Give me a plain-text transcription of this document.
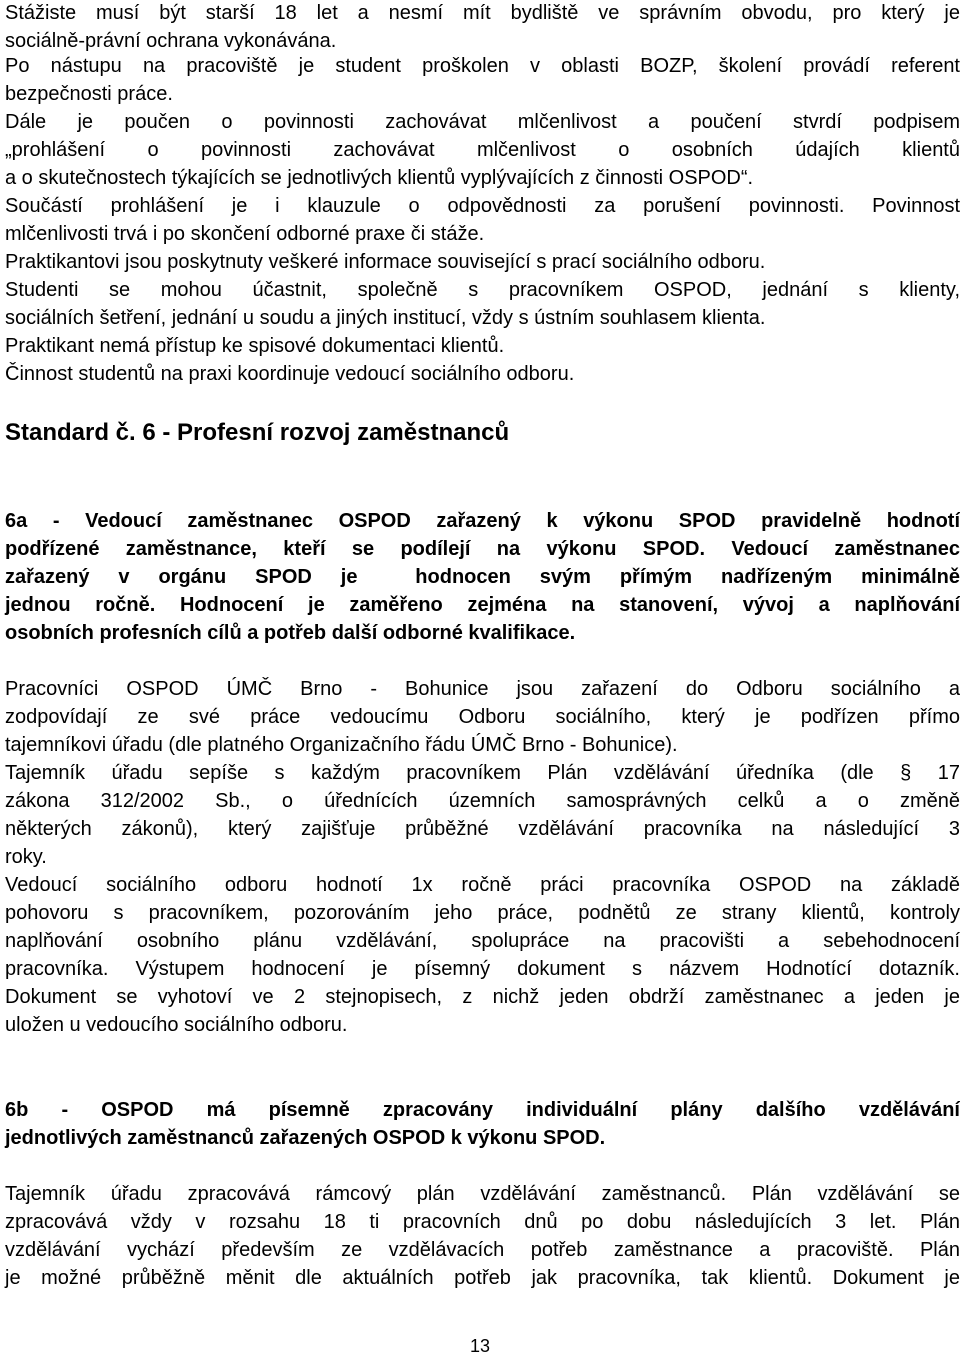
Stážiste musí být starší 18 let a nesmí mít bydliště ve správním obvodu, pro který je
sociálně-právní ochrana vykonávána.
Po nástupu na pracoviště je student proškolen v oblasti BOZP, školení provádí referent
bezpečnosti práce.
Dále je poučen o povinnosti zachovávat mlčenlivost a poučení stvrdí podpisem
„prohlášení o povinnosti zachovávat mlčenlivost o osobních údajích klientů
a o skutečnostech týkajících se jednotlivých klientů vyplývajících z činnosti OSPOD“.
Součástí prohlášení je i klauzule o odpovědnosti za porušení povinnosti. Povinnost
mlčenlivosti trvá i po skončení odborné praxe či stáže.
Praktikantovi jsou poskytnuty veškeré informace související s prací sociálního odboru.
Studenti se mohou účastnit, společně s pracovníkem OSPOD, jednání s klienty,
sociálních šetření, jednání u soudu a jiných institucí, vždy s ústním souhlasem klienta.
Praktikant nemá přístup ke spisové dokumentaci klientů.
Činnost studentů na praxi koordinuje vedoucí sociálního odboru.
Standard č. 6 - Profesní rozvoj zaměstnanců
6a - Vedoucí zaměstnanec OSPOD zařazený k výkonu SPOD pravidelně hodnotí
podřízené zaměstnance, kteří se podílejí na výkonu SPOD. Vedoucí zaměstnanec
zařazený v orgánu SPOD je  hodnocen svým přímým nadřízeným minimálně
jednou ročně. Hodnocení je zaměřeno zejména na stanovení, vývoj a naplňování
osobních profesních cílů a potřeb další odborné kvalifikace.
Pracovníci OSPOD ÚMČ Brno - Bohunice jsou zařazení do Odboru sociálního a
zodpovídají ze své práce vedoucímu Odboru sociálního, který je podřízen přímo
tajemníkovi úřadu (dle platného Organizačního řádu ÚMČ Brno - Bohunice).
Tajemník úřadu sepíše s každým pracovníkem Plán vzdělávání úředníka (dle § 17
zákona 312/2002 Sb., o úřednících územních samosprávných celků a o změně
některých zákonů), který zajišťuje průběžné vzdělávání pracovníka na následující 3
roky.
Vedoucí sociálního odboru hodnotí 1x ročně práci pracovníka OSPOD na základě
pohovoru s pracovníkem, pozorováním jeho práce, podnětů ze strany klientů, kontroly
naplňování osobního plánu vzdělávání, spolupráce na pracovišti a sebehodnocení
pracovníka. Výstupem hodnocení je písemný dokument s názvem Hodnotící dotazník.
Dokument se vyhotoví ve 2 stejnopisech, z nichž jeden obdrží zaměstnanec a jeden je
uložen u vedoucího sociálního odboru.
6b - OSPOD má písemně zpracovány individuální plány dalšího vzdělávání
jednotlivých zaměstnanců zařazených OSPOD k výkonu SPOD.
Tajemník úřadu zpracovává rámcový plán vzdělávání zaměstnanců. Plán vzdělávání se
zpracovává vždy v rozsahu 18 ti pracovních dnů po dobu následujících 3 let. Plán
vzdělávání vychází především ze vzdělávacích potřeb zaměstnance a pracoviště. Plán
je možné průběžně měnit dle aktuálních potřeb jak pracovníka, tak klientů. Dokument je
13
